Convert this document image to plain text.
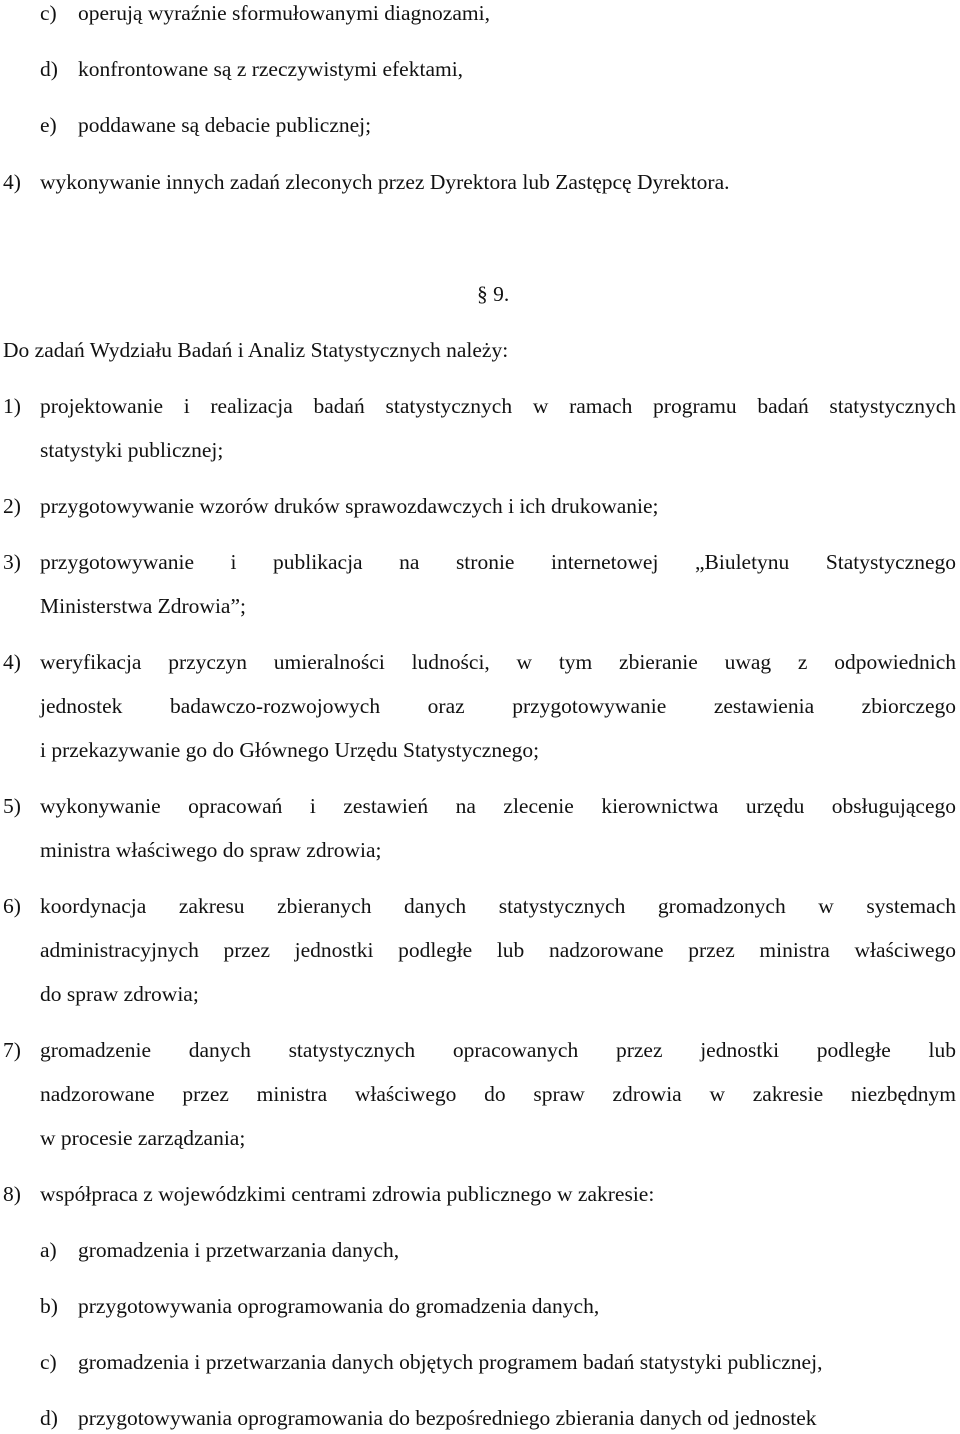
c) operują wyraźnie sformułowanymi diagnozami,
d) konfrontowane są z rzeczywistymi efektami,
e) poddawane są debacie publicznej;
4) wykonywanie innych zadań zleconych przez Dyrektora lub Zastępcę Dyrektora.
§ 9.
Do zadań Wydziału Badań i Analiz Statystycznych należy:
1) projektowanie i realizacja badań statystycznych w ramach programu badań statystycznych
statystyki publicznej;
2) przygotowywanie wzorów druków sprawozdawczych i ich drukowanie;
3) przygotowywanie i publikacja na stronie internetowej „Biuletynu Statystycznego
Ministerstwa Zdrowia”;
4) weryfikacja przyczyn umieralności ludności, w tym zbieranie uwag z odpowiednich
jednostek badawczo-rozwojowych oraz przygotowywanie zestawienia zbiorczego
i przekazywanie go do Głównego Urzędu Statystycznego;
5) wykonywanie opracowań i zestawień na zlecenie kierownictwa urzędu obsługującego
ministra właściwego do spraw zdrowia;
6) koordynacja zakresu zbieranych danych statystycznych gromadzonych w systemach
administracyjnych przez jednostki podległe lub nadzorowane przez ministra właściwego
do spraw zdrowia;
7) gromadzenie danych statystycznych opracowanych przez jednostki podległe lub
nadzorowane przez ministra właściwego do spraw zdrowia w zakresie niezbędnym
w procesie zarządzania;
8) współpraca z wojewódzkimi centrami zdrowia publicznego w zakresie:
a) gromadzenia i przetwarzania danych,
b) przygotowywania oprogramowania do gromadzenia danych,
c) gromadzenia i przetwarzania danych objętych programem badań statystyki publicznej,
d) przygotowywania oprogramowania do bezpośredniego zbierania danych od jednostek
